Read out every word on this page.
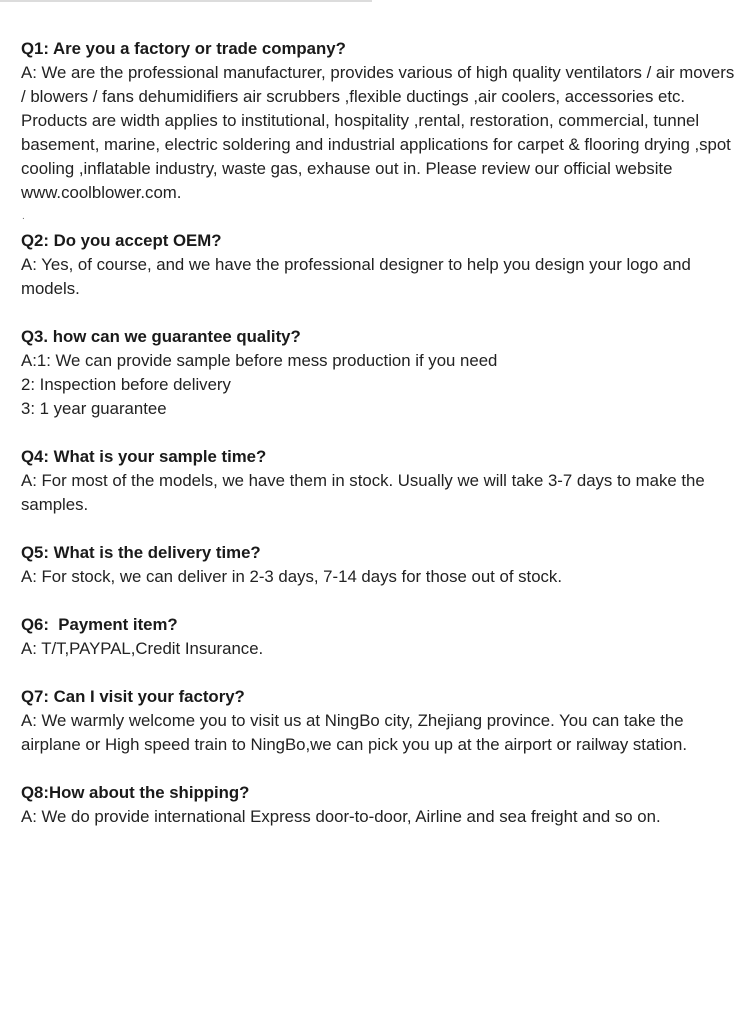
Q1: Are you a factory or trade company?
A: We are the professional manufacturer, provides various of high quality ventilators / air movers / blowers / fans dehumidifiers air scrubbers ,flexible ductings ,air coolers, accessories etc.
Products are width applies to institutional, hospitality ,rental, restoration, commercial, tunnel basement, marine, electric soldering and industrial applications for carpet & flooring drying ,spot cooling ,inflatable industry, waste gas, exhause out in. Please review our official website www.coolblower.com.
.
Q2: Do you accept OEM?
A: Yes, of course, and we have the professional designer to help you design your logo and models.
Q3. how can we guarantee quality?
A:1: We can provide sample before mess production if you need
2: Inspection before delivery
3: 1 year guarantee
Q4: What is your sample time?
A: For most of the models, we have them in stock. Usually we will take 3-7 days to make the samples.
Q5: What is the delivery time?
A: For stock, we can deliver in 2-3 days, 7-14 days for those out of stock.
Q6:  Payment item?
A: T/T,PAYPAL,Credit Insurance.
Q7: Can I visit your factory?
A: We warmly welcome you to visit us at NingBo city, Zhejiang province. You can take the airplane or High speed train to NingBo,we can pick you up at the airport or railway station.
Q8:How about the shipping?
A: We do provide international Express door-to-door, Airline and sea freight and so on.
